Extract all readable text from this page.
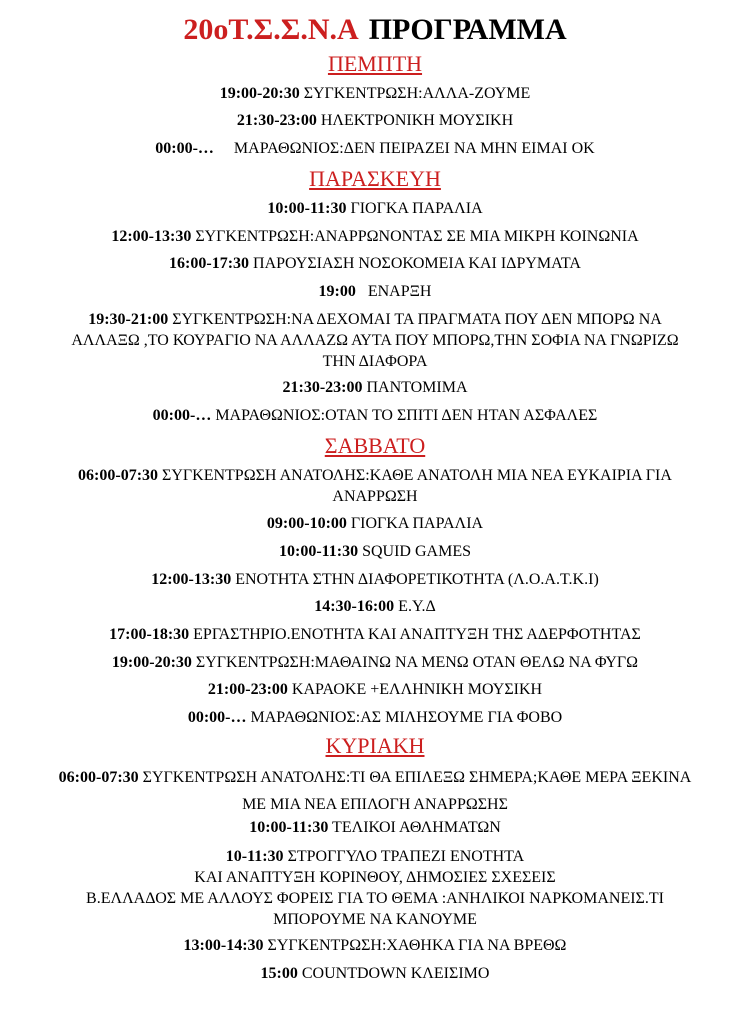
20oT.Σ.Σ.N.A ΠΡΟΓΡΑΜΜΑ
ΠΕΜΠΤΗ
19:00-20:30 ΣΥΓΚΕΝΤΡΩΣΗ:ΑΛΛΑ-ΖΟΥΜΕ
21:30-23:00 ΗΛΕΚΤΡΟΝΙΚΗ ΜΟΥΣΙΚΗ
00:00-…     ΜΑΡΑΘΩΝΙΟΣ:ΔΕΝ ΠΕΙΡΑΖΕΙ ΝΑ ΜΗΝ ΕΙΜΑΙ ΟΚ
ΠΑΡΑΣΚΕΥΗ
10:00-11:30 ΓΙΟΓΚΑ ΠΑΡΑΛΙΑ
12:00-13:30 ΣΥΓΚΕΝΤΡΩΣΗ:ΑΝΑΡΡΩΝΟΝΤΑΣ ΣΕ ΜΙΑ ΜΙΚΡΗ ΚΟΙΝΩΝΙΑ
16:00-17:30 ΠΑΡΟΥΣΙΑΣΗ ΝΟΣΟΚΟΜΕΙΑ ΚΑΙ ΙΔΡΥΜΑΤΑ
19:00   ΕΝΑΡΞΗ
19:30-21:00 ΣΥΓΚΕΝΤΡΩΣΗ:ΝΑ ΔΕΧΟΜΑΙ ΤΑ ΠΡΑΓΜΑΤΑ ΠΟΥ ΔΕΝ ΜΠΟΡΩ ΝΑ
ΑΛΛΑΞΩ ,ΤΟ ΚΟΥΡΑΓΙΟ ΝΑ ΑΛΛΑΖΩ ΑΥΤΑ ΠΟΥ ΜΠΟΡΩ,ΤΗΝ ΣΟΦΙΑ ΝΑ ΓΝΩΡΙΖΩ
ΤΗΝ ΔΙΑΦΟΡΑ
21:30-23:00 ΠΑΝΤΟΜΙΜΑ
00:00-… ΜΑΡΑΘΩΝΙΟΣ:ΟΤΑΝ ΤΟ ΣΠΙΤΙ ΔΕΝ ΗΤΑΝ ΑΣΦΑΛΕΣ
ΣΑΒΒΑΤΟ
06:00-07:30 ΣΥΓΚΕΝΤΡΩΣΗ ΑΝΑΤΟΛΗΣ:ΚΑΘΕ ΑΝΑΤΟΛΗ ΜΙΑ ΝΕΑ ΕΥΚΑΙΡΙΑ ΓΙΑ
ΑΝΑΡΡΩΣΗ
09:00-10:00 ΓΙΟΓΚΑ ΠΑΡΑΛΙΑ
10:00-11:30 SQUID GAMES
12:00-13:30 ΕΝΟΤΗΤΑ ΣΤΗΝ ΔΙΑΦΟΡΕΤΙΚΟΤΗΤΑ (Λ.Ο.Α.Τ.Κ.Ι)
14:30-16:00 Ε.Υ.Δ
17:00-18:30 ΕΡΓΑΣΤΗΡΙΟ.ΕΝΟΤΗΤΑ ΚΑΙ ΑΝΑΠΤΥΞΗ ΤΗΣ ΑΔΕΡΦΟΤΗΤΑΣ
19:00-20:30 ΣΥΓΚΕΝΤΡΩΣΗ:ΜΑΘΑΙΝΩ ΝΑ ΜΕΝΩ ΟΤΑΝ ΘΕΛΩ ΝΑ ΦΥΓΩ
21:00-23:00 ΚΑΡΑΟΚΕ +ΕΛΛΗΝΙΚΗ ΜΟΥΣΙΚΗ
00:00-… ΜΑΡΑΘΩΝΙΟΣ:ΑΣ ΜΙΛΗΣΟΥΜΕ ΓΙΑ ΦΟΒΟ
ΚΥΡΙΑΚΗ
06:00-07:30 ΣΥΓΚΕΝΤΡΩΣΗ ΑΝΑΤΟΛΗΣ:ΤΙ ΘΑ ΕΠΙΛΕΞΩ ΣΗΜΕΡΑ;ΚΑΘΕ ΜΕΡΑ ΞΕΚΙΝΑ
ΜΕ ΜΙΑ ΝΕΑ ΕΠΙΛΟΓΗ ΑΝΑΡΡΩΣΗΣ
10:00-11:30 ΤΕΛΙΚΟΙ ΑΘΛΗΜΑΤΩΝ
10-11:30 ΣΤΡΟΓΓΥΛΟ ΤΡΑΠΕΖΙ ΕΝΟΤΗΤΑ
ΚΑΙ ΑΝΑΠΤΥΞΗ ΚΟΡΙΝΘΟΥ, ΔΗΜΟΣΙΕΣ ΣΧΕΣΕΙΣ
Β.ΕΛΛΑΔΟΣ ΜΕ ΑΛΛΟΥΣ ΦΟΡΕΙΣ ΓΙΑ ΤΟ ΘΕΜΑ :ΑΝΗΛΙΚΟΙ ΝΑΡΚΟΜΑΝΕΙΣ.ΤΙ
ΜΠΟΡΟΥΜΕ ΝΑ ΚΑΝΟΥΜΕ
13:00-14:30 ΣΥΓΚΕΝΤΡΩΣΗ:ΧΑΘΗΚΑ ΓΙΑ ΝΑ ΒΡΕΘΩ
15:00 COUNTDOWN ΚΛΕΙΣΙΜΟ
